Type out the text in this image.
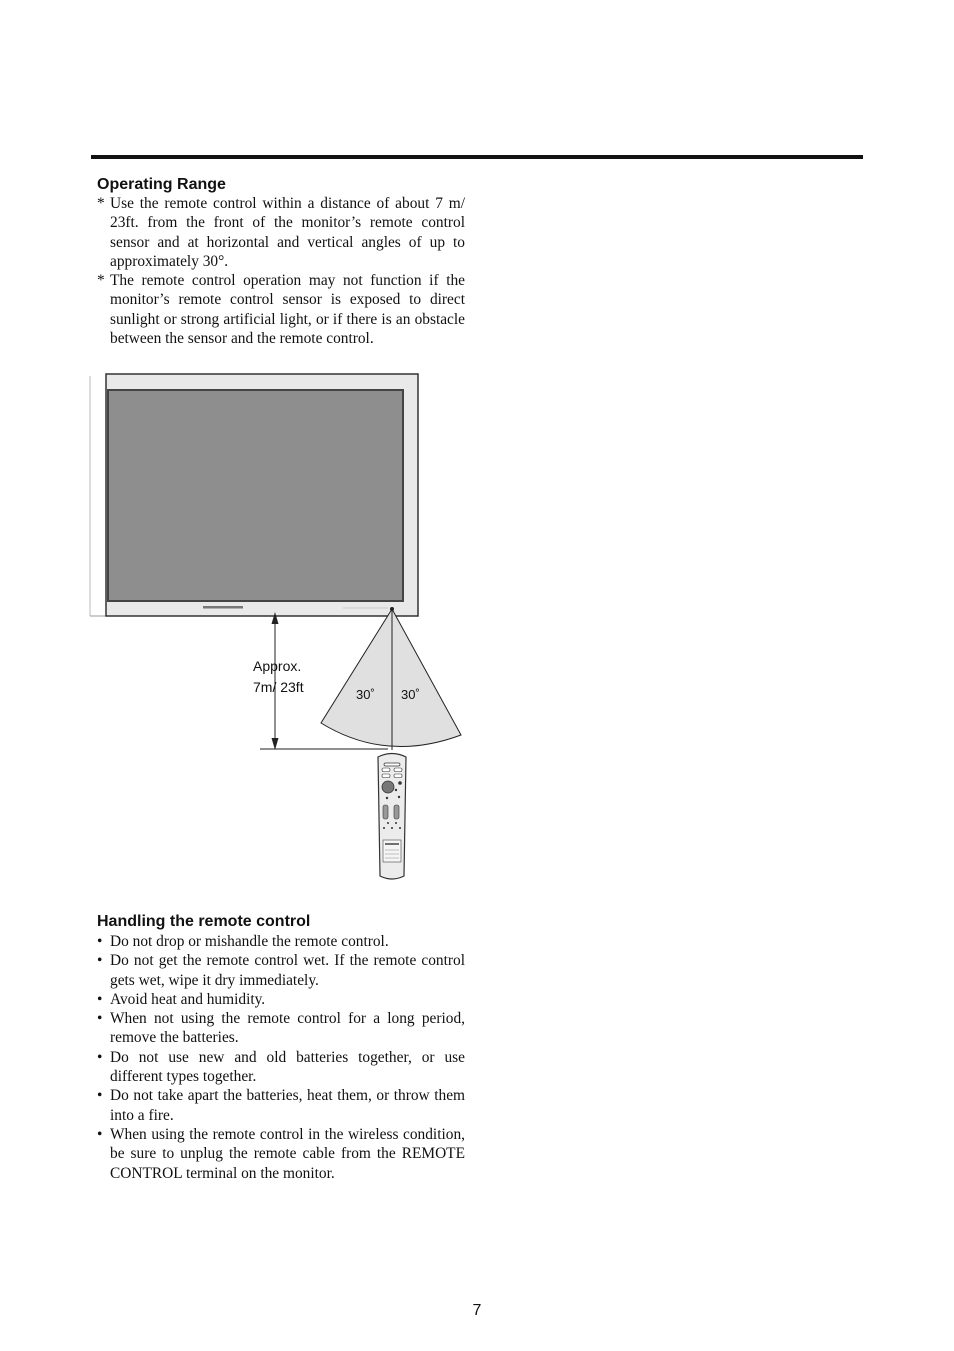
Operating Range
* Use the remote control within a distance of about 7 m/ 23ft. from the front of the monitor’s remote control sensor and at horizontal and vertical angles of up to approximately 30°.
* The remote control operation may not function if the monitor’s remote control sensor is exposed to direct sunlight or strong artificial light, or if there is an obstacle between the sensor and the remote control.
30˚ 30˚
Approx.
7m/ 23ft
Handling the remote control
• Do not drop or mishandle the remote control.
• Do not get the remote control wet. If the remote control gets wet, wipe it dry immediately.
• Avoid heat and humidity.
• When not using the remote control for a long period, remove the batteries.
• Do not use new and old batteries together, or use different types together.
• Do not take apart the batteries, heat them, or throw them into a fire.
• When using the remote control in the wireless condition, be sure to unplug the remote cable from the REMOTE CONTROL terminal on the monitor.
7
